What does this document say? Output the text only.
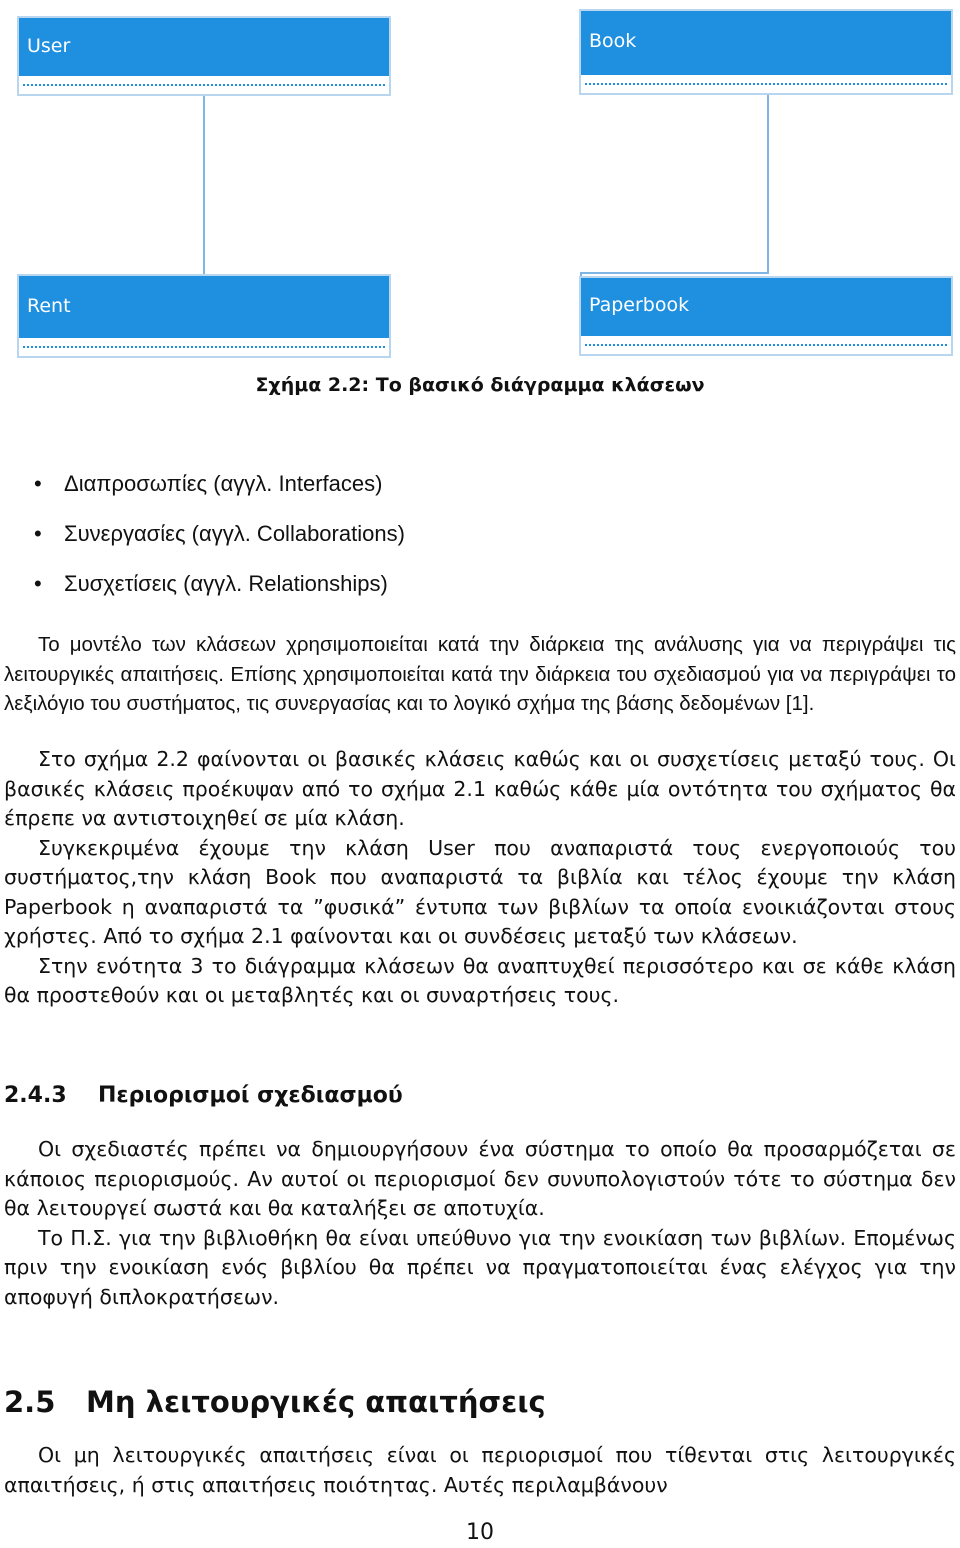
User	Book
Rent	Paperbook
Σχήμα 2.2: Το βασικό διάγραμμα κλάσεων
• Διαπροσωπίες (αγγλ. Interfaces)
• Συνεργασίες (αγγλ. Collaborations)
• Συσχετίσεις (αγγλ. Relationships)

Το μοντέλο των κλάσεων χρησιμοποιείται κατά την διάρκεια της ανάλυσης για να περιγράψει τις λειτουργικές απαιτήσεις. Επίσης χρησιμοποιείται κατά την διάρκεια του σχεδιασμού για να περιγράψει το λεξιλόγιο του συστήματος, τις συνεργασίας και το λογικό σχήμα της βάσης δεδομένων [1].

Στο σχήμα 2.2 φαίνονται οι βασικές κλάσεις καθώς και οι συσχετίσεις μεταξύ τους. Οι βασικές κλάσεις προέκυψαν από το σχήμα 2.1 καθώς κάθε μία οντότητα του σχήματος θα έπρεπε να αντιστοιχηθεί σε μία κλάση.

Συγκεκριμένα έχουμε την κλάση User που αναπαριστά τους ενεργοποιούς του συστήματος,την κλάση Book που αναπαριστά τα βιβλία και τέλος έχουμε την κλάση Paperbook η αναπαριστά τα ”φυσικά” έντυπα των βιβλίων τα οποία ενοικιάζονται στους χρήστες. Από το σχήμα 2.1 φαίνονται και οι συνδέσεις μεταξύ των κλάσεων.

Στην ενότητα 3 το διάγραμμα κλάσεων θα αναπτυχθεί περισσότερο και σε κάθε κλάση θα προστεθούν και οι μεταβλητές και οι συναρτήσεις τους.

2.4.3 Περιορισμοί σχεδιασμού

Οι σχεδιαστές πρέπει να δημιουργήσουν ένα σύστημα το οποίο θα προσαρμόζεται σε κάποιος περιορισμούς. Αν αυτοί οι περιορισμοί δεν συνυπολογιστούν τότε το σύστημα δεν θα λειτουργεί σωστά και θα καταλήξει σε αποτυχία.

Το Π.Σ. για την βιβλιοθήκη θα είναι υπεύθυνο για την ενοικίαση των βιβλίων. Επομένως πριν την ενοικίαση ενός βιβλίου θα πρέπει να πραγματοποιείται ένας ελέγχος για την αποφυγή διπλοκρατήσεων.

2.5 Μη λειτουργικές απαιτήσεις

Οι μη λειτουργικές απαιτήσεις είναι οι περιορισμοί που τίθενται στις λειτουργικές απαιτήσεις, ή στις απαιτήσεις ποιότητας. Αυτές περιλαμβάνουν

10
